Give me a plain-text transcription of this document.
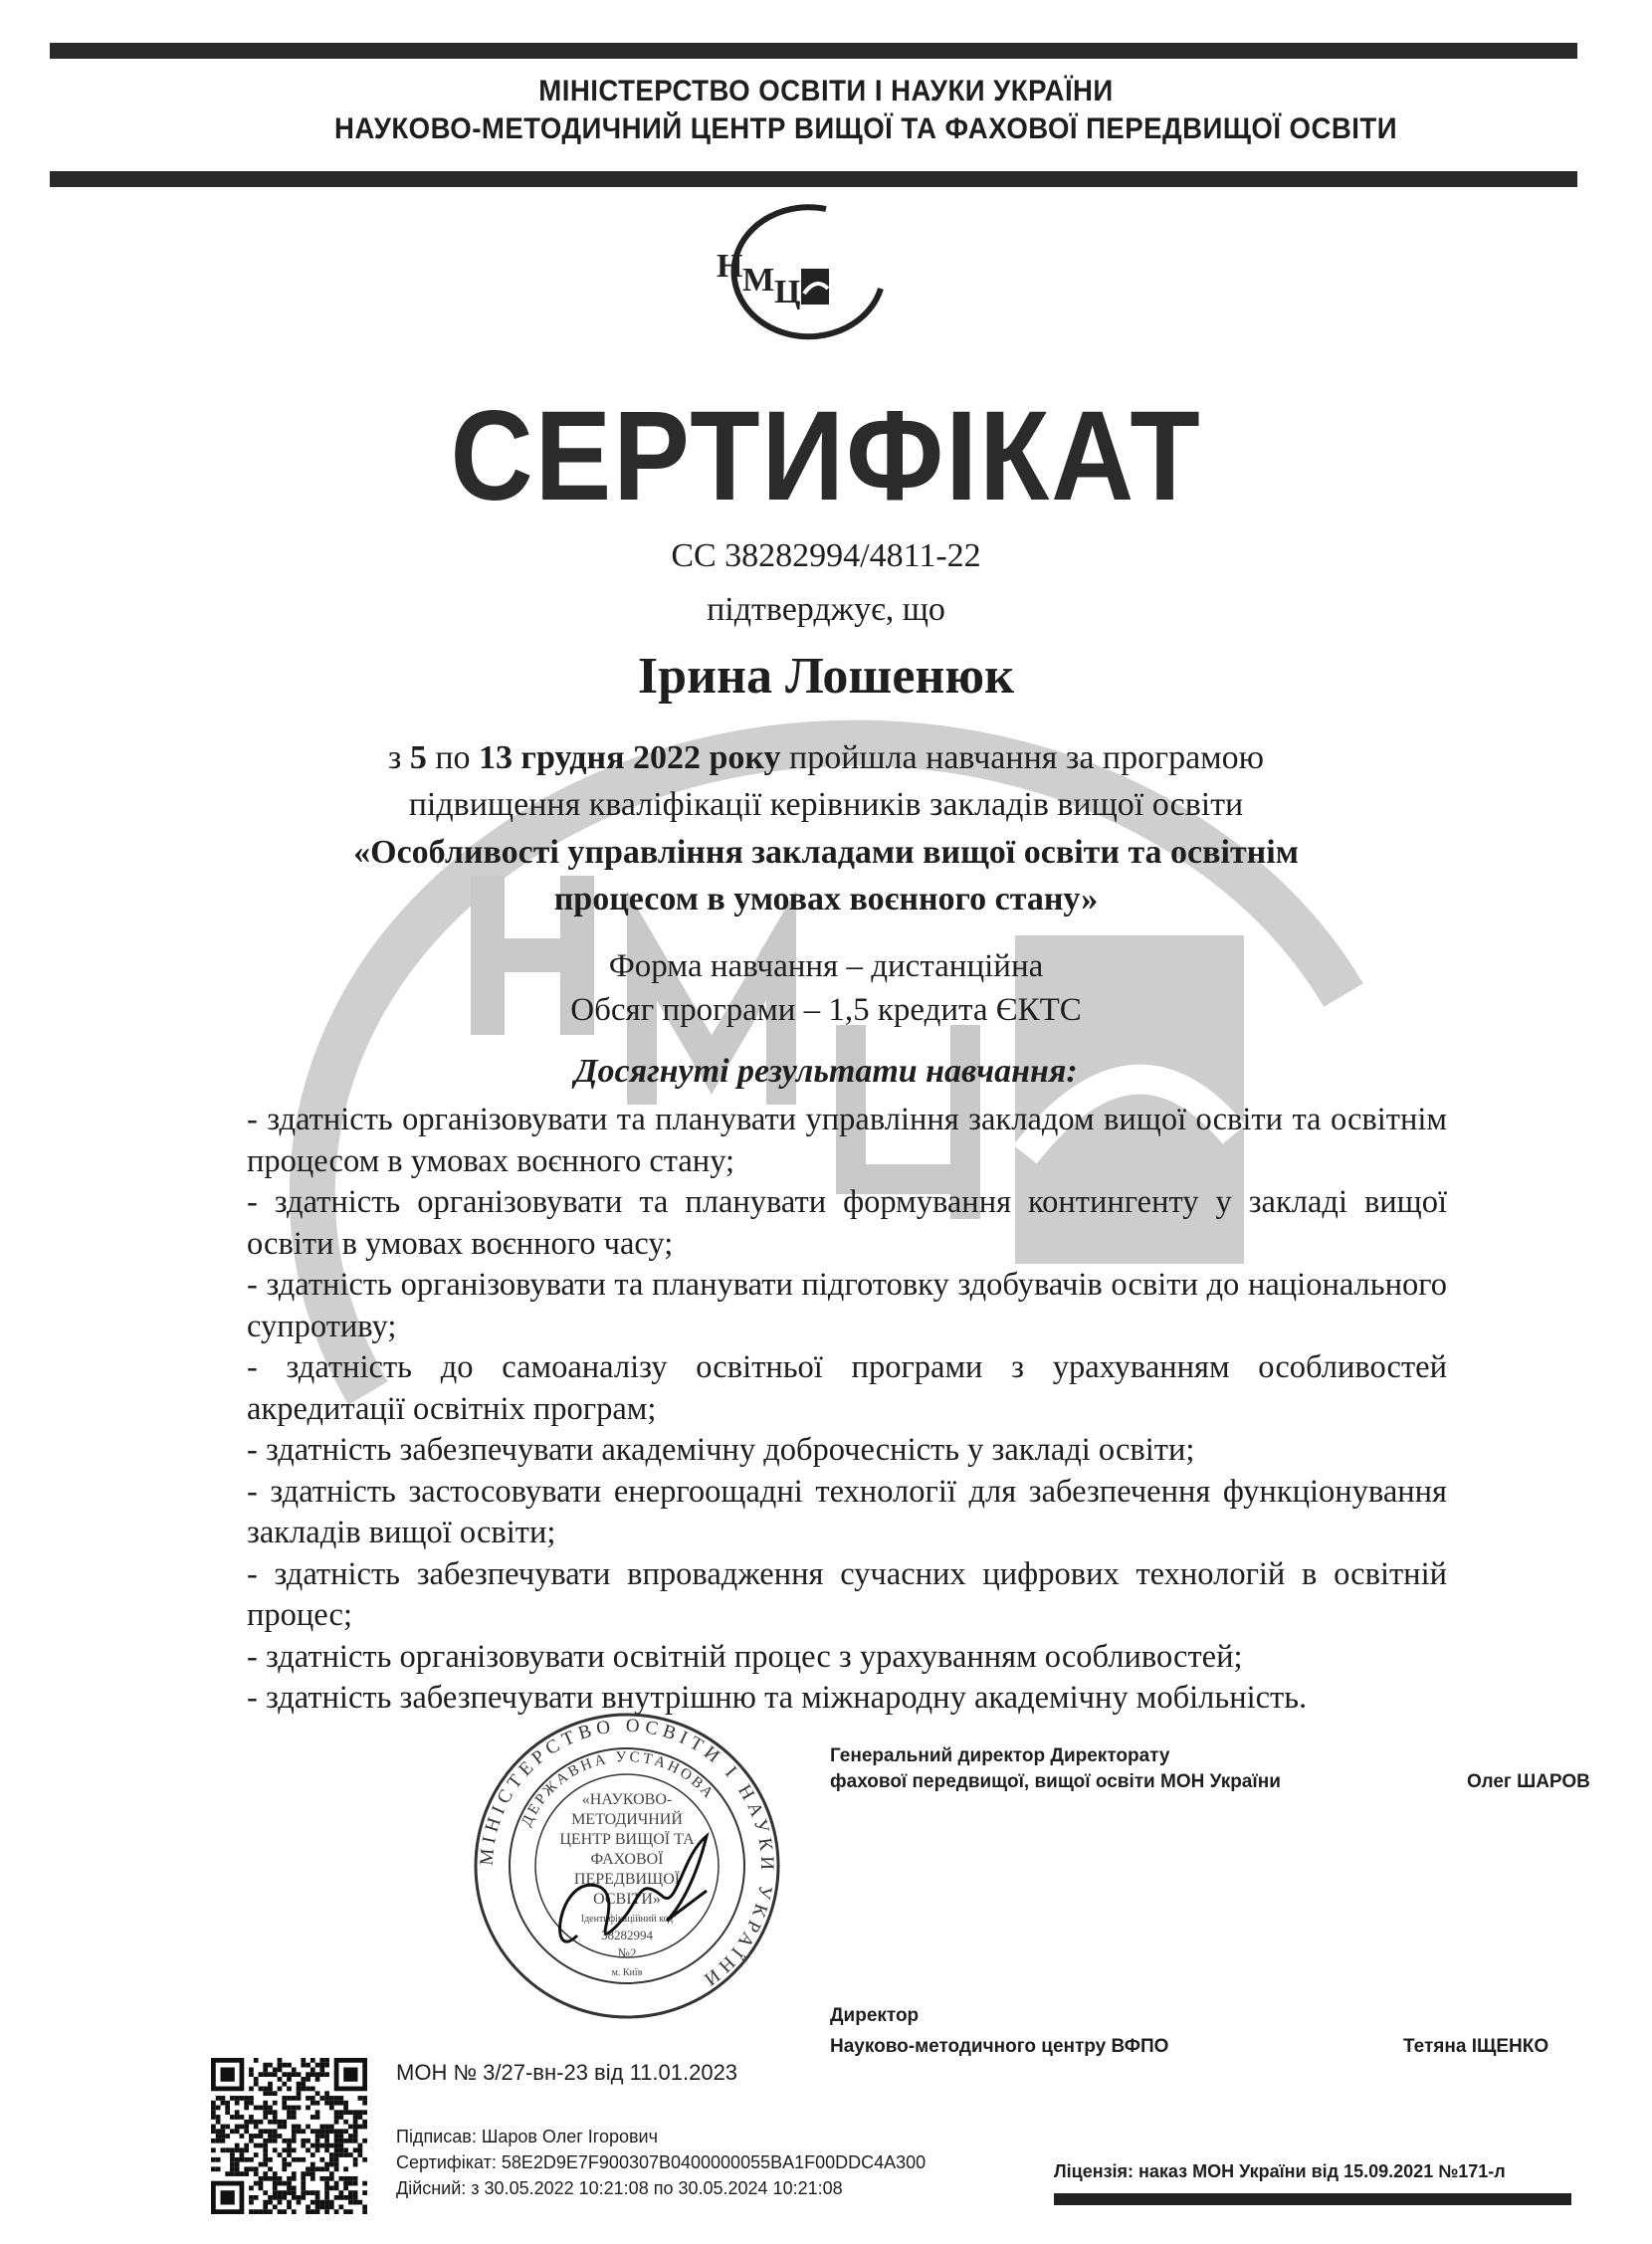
МІНІСТЕРСТВО ОСВІТИ І НАУКИ УКРАЇНИ
НАУКОВО-МЕТОДИЧНИЙ ЦЕНТР ВИЩОЇ ТА ФАХОВОЇ ПЕРЕДВИЩОЇ ОСВІТИ
Н М Ц
СЕРТИФІКАТ
СС 38282994/4811-22
підтверджує, що
Ірина Лошенюк
з 5 по 13 грудня 2022 року пройшла навчання за програмою
підвищення кваліфікації керівників закладів вищої освіти
«Особливості управління закладами вищої освіти та освітнім
процесом в умовах воєнного стану»
Форма навчання – дистанційна
Обсяг програми – 1,5 кредита ЄКТС
Досягнуті результати навчання:
- здатність організовувати та планувати управління закладом вищої освіти та освітнім процесом в умовах воєнного стану;
- здатність організовувати та планувати формування контингенту у закладі вищої освіти в умовах воєнного часу;
- здатність організовувати та планувати підготовку здобувачів освіти до національного супротиву;
- здатність до самоаналізу освітньої програми з урахуванням особливостей акредитації освітніх програм;
- здатність забезпечувати академічну доброчесність у закладі освіти;
- здатність застосовувати енергоощадні технології для забезпечення функціонування закладів вищої освіти;
- здатність забезпечувати впровадження сучасних цифрових технологій в освітній процес;
- здатність організовувати освітній процес з урахуванням особливостей;
- здатність забезпечувати внутрішню та міжнародну академічну мобільність.
Генеральний директор Директорату
фахової передвищої, вищої освіти МОН України	Олег ШАРОВ
МІНІСТЕРСТВО ОСВІТИ І НАУКИ УКРАЇНИ
ДЕРЖАВНА УСТАНОВА
«НАУКОВО-
МЕТОДИЧНИЙ
ЦЕНТР ВИЩОЇ ТА
ФАХОВОЇ
ПЕРЕДВИЩОЇ
ОСВІТИ»
Ідентифікаційний код
38282994
№2
м. Київ
Директор
Науково-методичного центру ВФПО	Тетяна ІЩЕНКО
МОН № 3/27-вн-23 від 11.01.2023
Підписав: Шаров Олег Ігорович
Сертифікат: 58E2D9E7F900307B0400000055BA1F00DDC4A300
Дійсний: з 30.05.2022 10:21:08 по 30.05.2024 10:21:08
Ліцензія: наказ МОН України від 15.09.2021 №171-л
